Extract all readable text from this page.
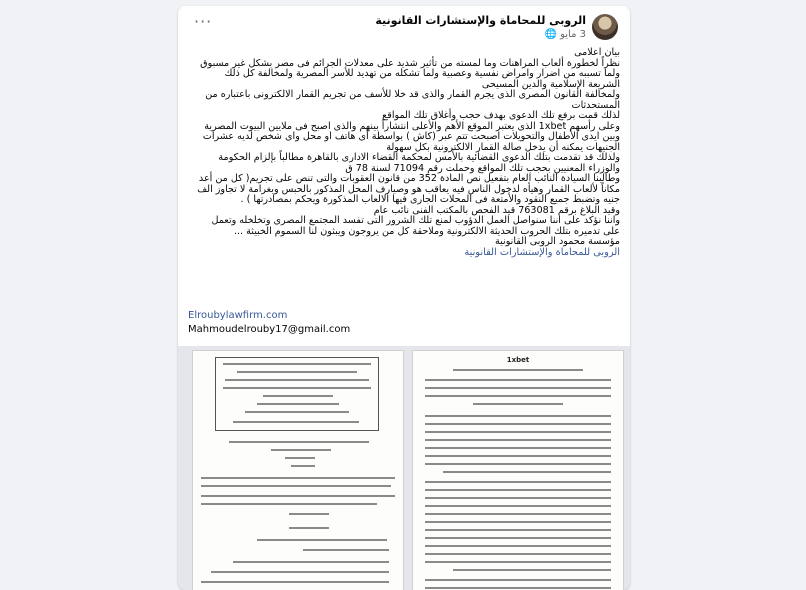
الروبى للمحاماة والإستشارات القانونية
3 مايو 🌐
···

بيان اعلامى

نظراً لخطورة ألعاب المراهنات وما لمسته من تأثير شديد على معدلات الجرائم فى مصر بشكل غير مسبوق

ولما تسببه من اضرار وامراض نفسية وعصبية ولما تشكله من تهديد للأسر المصرية ولمخالفة كل ذلك

الشريعة الإسلامية والدين المسيحى

ولمخالفة القانون المصرى الذى يجرم القمار والذى قد خلا للأسف من تجريم القمار الالكترونى باعتباره من

المستحدثات

لذلك قمت برفع تلك الدعوى بهدف حجب وأغلاق تلك المواقع

وعلى رأسهم 1xbet الذى يعتبر الموقع الأهم والأعلى انتشاراً بينهم والذى اصبح فى ملايين البيوت المصرية

وبين ايدى الأطفال والتحويلات اصبحت تتم عبر (كاش ) بواسطة أى هاتف او محل واى شخص لديه عشرات

الجنيهات يمكنه أن يدخل صالة القمار الالكترونية بكل سهولة

ولذلك قد تقدمت بتلك الدعوى القضائية بالأمس لمحكمة القضاء الادارى بالقاهرة مطالباً بإلزام الحكومة

والوزراء المعنيين بحجب تلك المواقع وحملت رقم 71094 لسنة 78 ق

وطالبنا السيادة النائب العام بتفعيل نص المادة 352 من قانون العقوبات والتى تنص على تجريم( كل من أعد

مكاناً لألعاب القمار وهيأه لدخول الناس فيه يعاقب هو وصيارف المحل المذكور بالحبس وبغرامة لا تجاوز الف

جنيه وتضبط جميع النقود والأمتعة فى المحلات الجارى فيها الالعاب المذكورة ويحكم بمصادرتها ) .

وقيد البلاغ برقم 763081 قيد الفحص بالمكتب الفنى نائب عام

واننا نؤكد على اننا سنواصل العمل الدؤوب لمنع تلك الشرور التى تفسد المجتمع المصرى وتخلخله وتعمل

على تدميره بتلك الحروب الحديثة الالكترونية وملاحقة كل من يروجون ويبثون لنا السموم الخبيثة ...

مؤسسة محمود الروبى القانونية

الروبى للمحاماة والإستشارات القانونية
Elroubylawfirm.com
Mahmoudelrouby17@gmail.com
1xbet
